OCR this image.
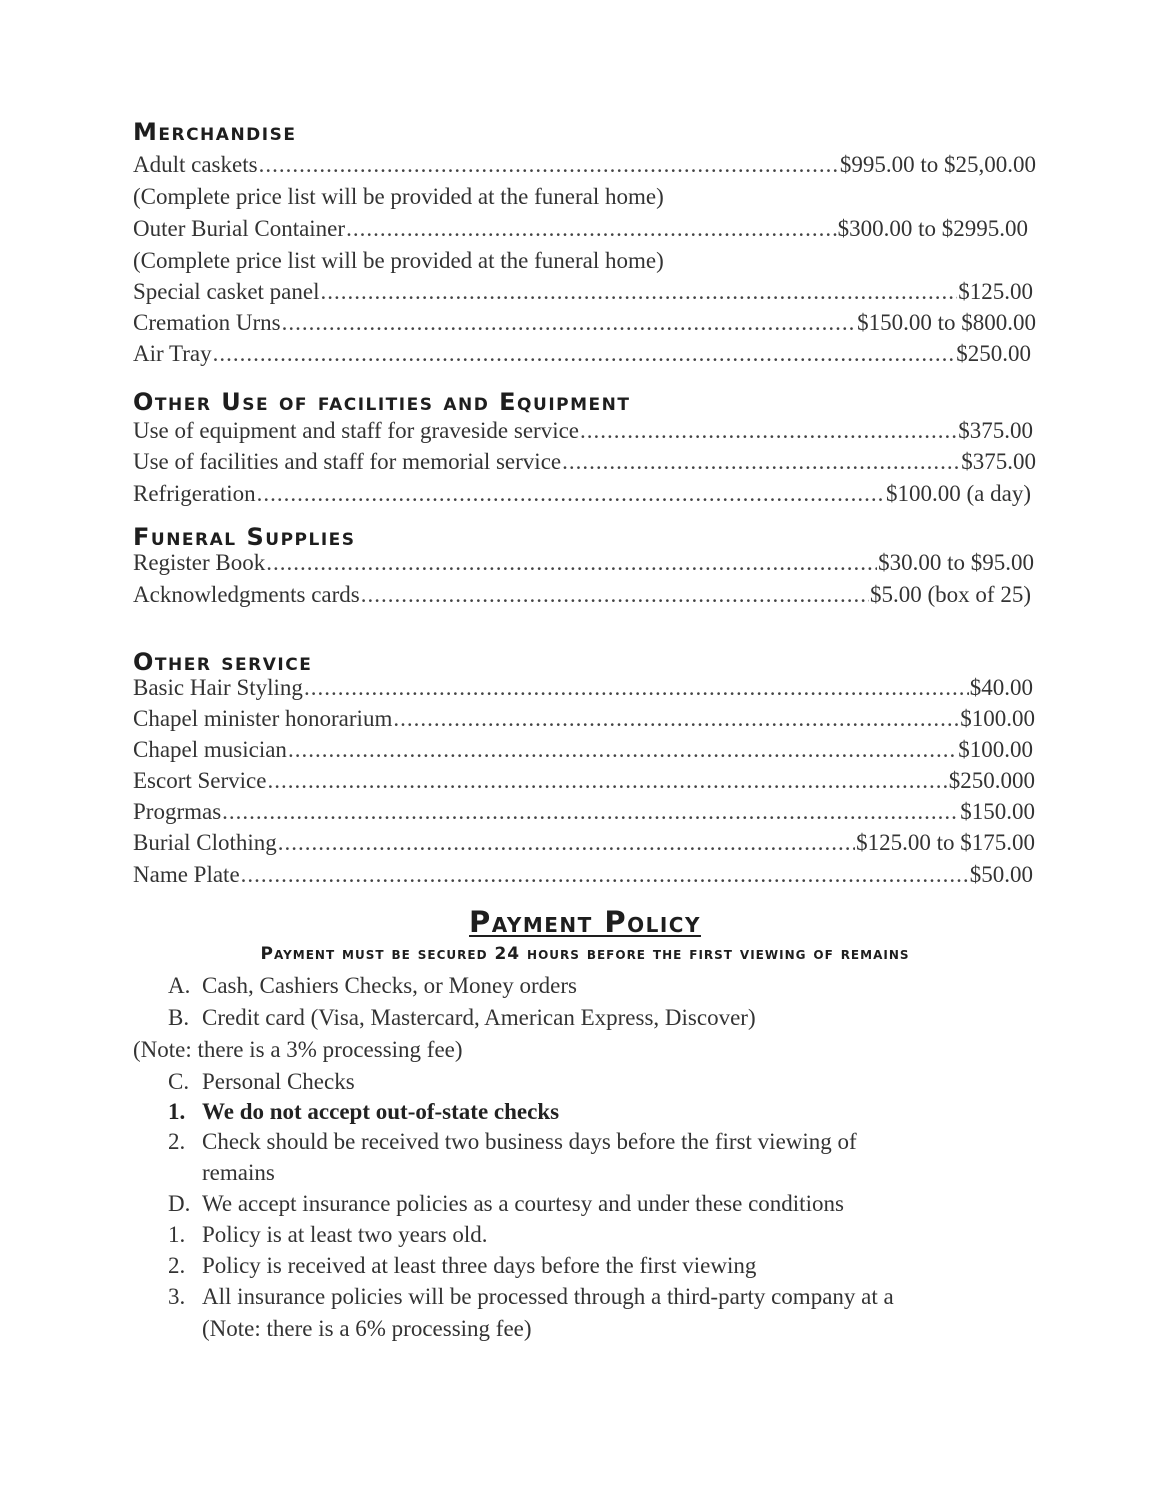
Merchandise
Adult caskets .....	$995.00 to $25,00.00
(Complete price list will be provided at the funeral home)
Outer Burial Container .....	$300.00 to $2995.00
(Complete price list will be provided at the funeral home)
Special casket panel .....	$125.00
Cremation Urns .....	$150.00 to $800.00
Air Tray .....	$250.00
Other Use of facilities and Equipment
Use of equipment and staff for graveside service .....	$375.00
Use of facilities and staff for memorial service .....	$375.00
Refrigeration .....	$100.00 (a day)
Funeral Supplies
Register Book .....	$30.00 to $95.00
Acknowledgments cards .....	$5.00 (box of 25)
Other service
Basic Hair Styling .....	$40.00
Chapel minister honorarium .....	$100.00
Chapel musician .....	$100.00
Escort Service .....	$250.000
Progrmas .....	$150.00
Burial Clothing .....	$125.00 to $175.00
Name Plate .....	$50.00
Payment Policy
Payment must be secured 24 hours before the first viewing of remains
A. Cash, Cashiers Checks, or Money orders
B. Credit card (Visa, Mastercard, American Express, Discover)
(Note: there is a 3% processing fee)
C. Personal Checks
1. We do not accept out-of-state checks
2. Check should be received two business days before the first viewing of
remains
D. We accept insurance policies as a courtesy and under these conditions
1. Policy is at least two years old.
2. Policy is received at least three days before the first viewing
3. All insurance policies will be processed through a third-party company at a
(Note: there is a 6% processing fee)
